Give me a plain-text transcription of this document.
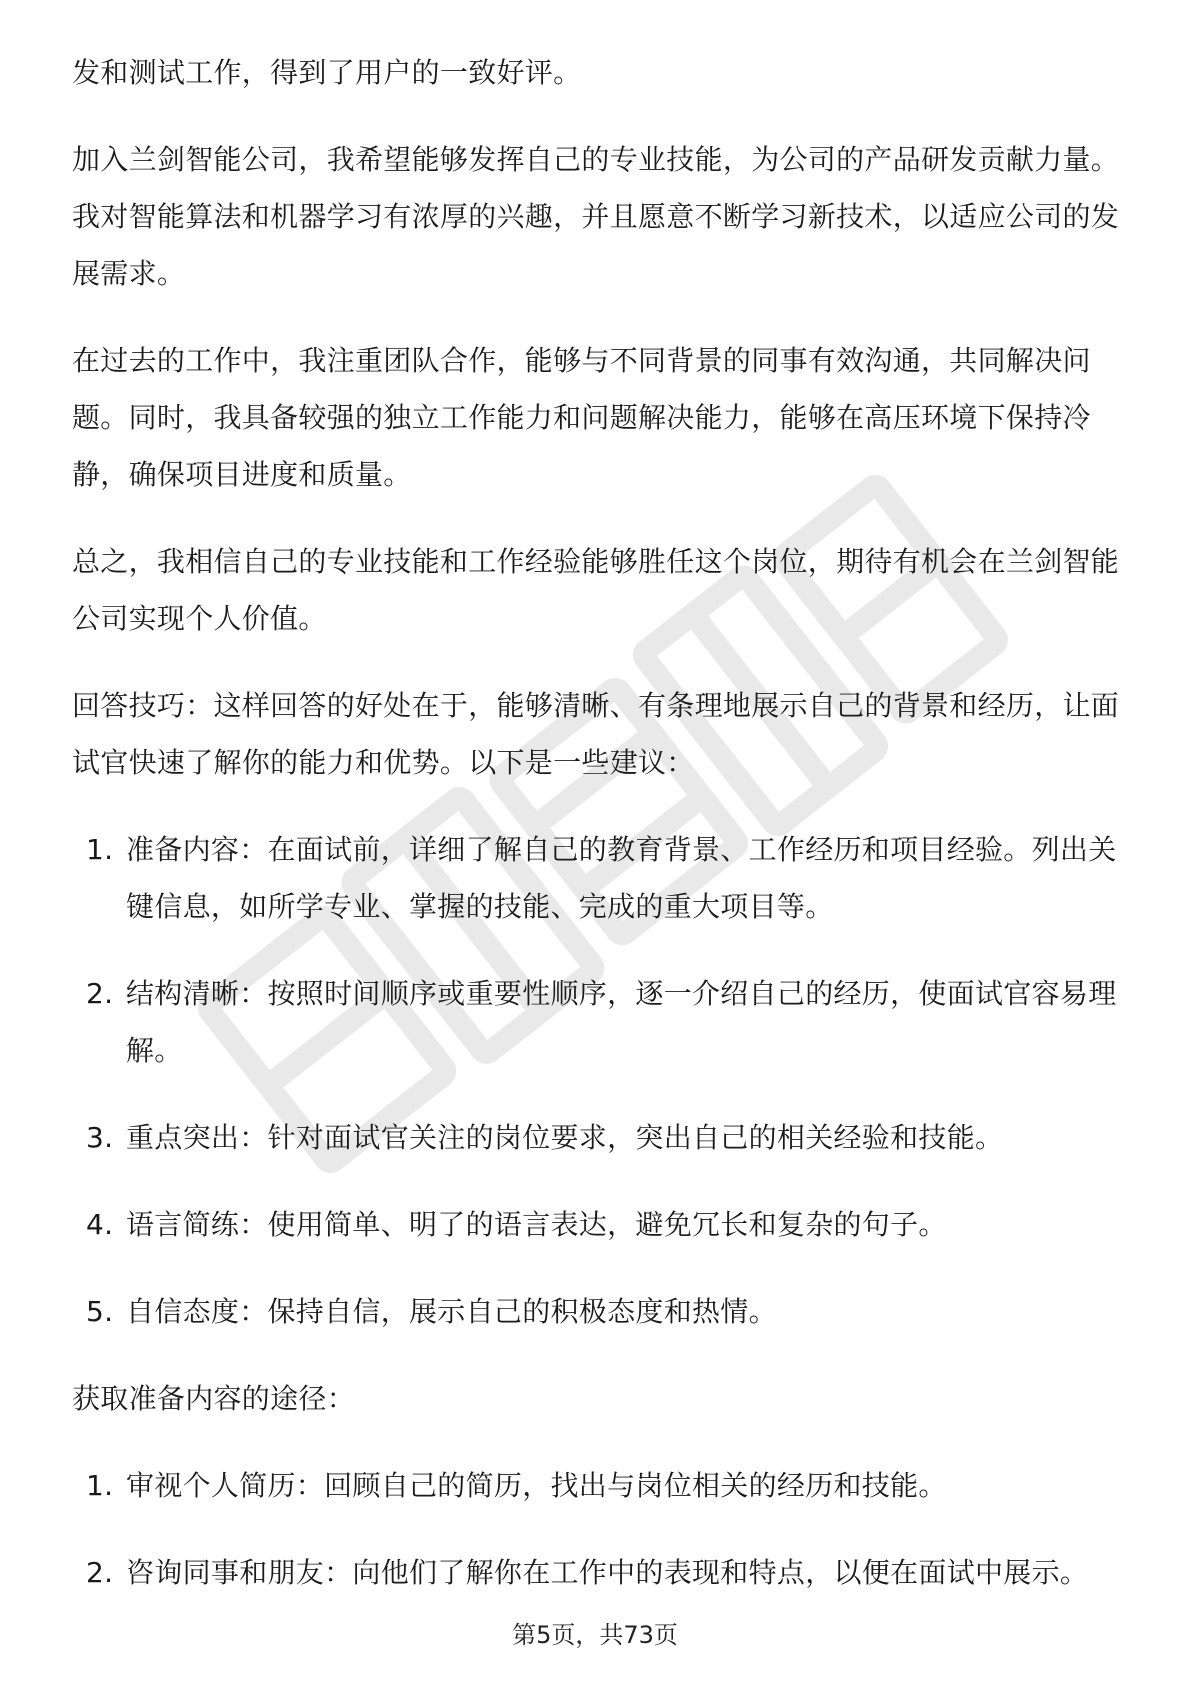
发和测试工作，得到了用户的一致好评。

加入兰剑智能公司，我希望能够发挥自己的专业技能，为公司的产品研发贡献力量。我对智能算法和机器学习有浓厚的兴趣，并且愿意不断学习新技术，以适应公司的发展需求。

在过去的工作中，我注重团队合作，能够与不同背景的同事有效沟通，共同解决问题。同时，我具备较强的独立工作能力和问题解决能力，能够在高压环境下保持冷静，确保项目进度和质量。

总之，我相信自己的专业技能和工作经验能够胜任这个岗位，期待有机会在兰剑智能公司实现个人价值。

回答技巧：这样回答的好处在于，能够清晰、有条理地展示自己的背景和经历，让面试官快速了解你的能力和优势。以下是一些建议：

1. 准备内容：在面试前，详细了解自己的教育背景、工作经历和项目经验。列出关键信息，如所学专业、掌握的技能、完成的重大项目等。
2. 结构清晰：按照时间顺序或重要性顺序，逐一介绍自己的经历，使面试官容易理解。
3. 重点突出：针对面试官关注的岗位要求，突出自己的相关经验和技能。
4. 语言简练：使用简单、明了的语言表达，避免冗长和复杂的句子。
5. 自信态度：保持自信，展示自己的积极态度和热情。

获取准备内容的途径：

1. 审视个人简历：回顾自己的简历，找出与岗位相关的经历和技能。
2. 咨询同事和朋友：向他们了解你在工作中的表现和特点，以便在面试中展示。
第5页，共73页
